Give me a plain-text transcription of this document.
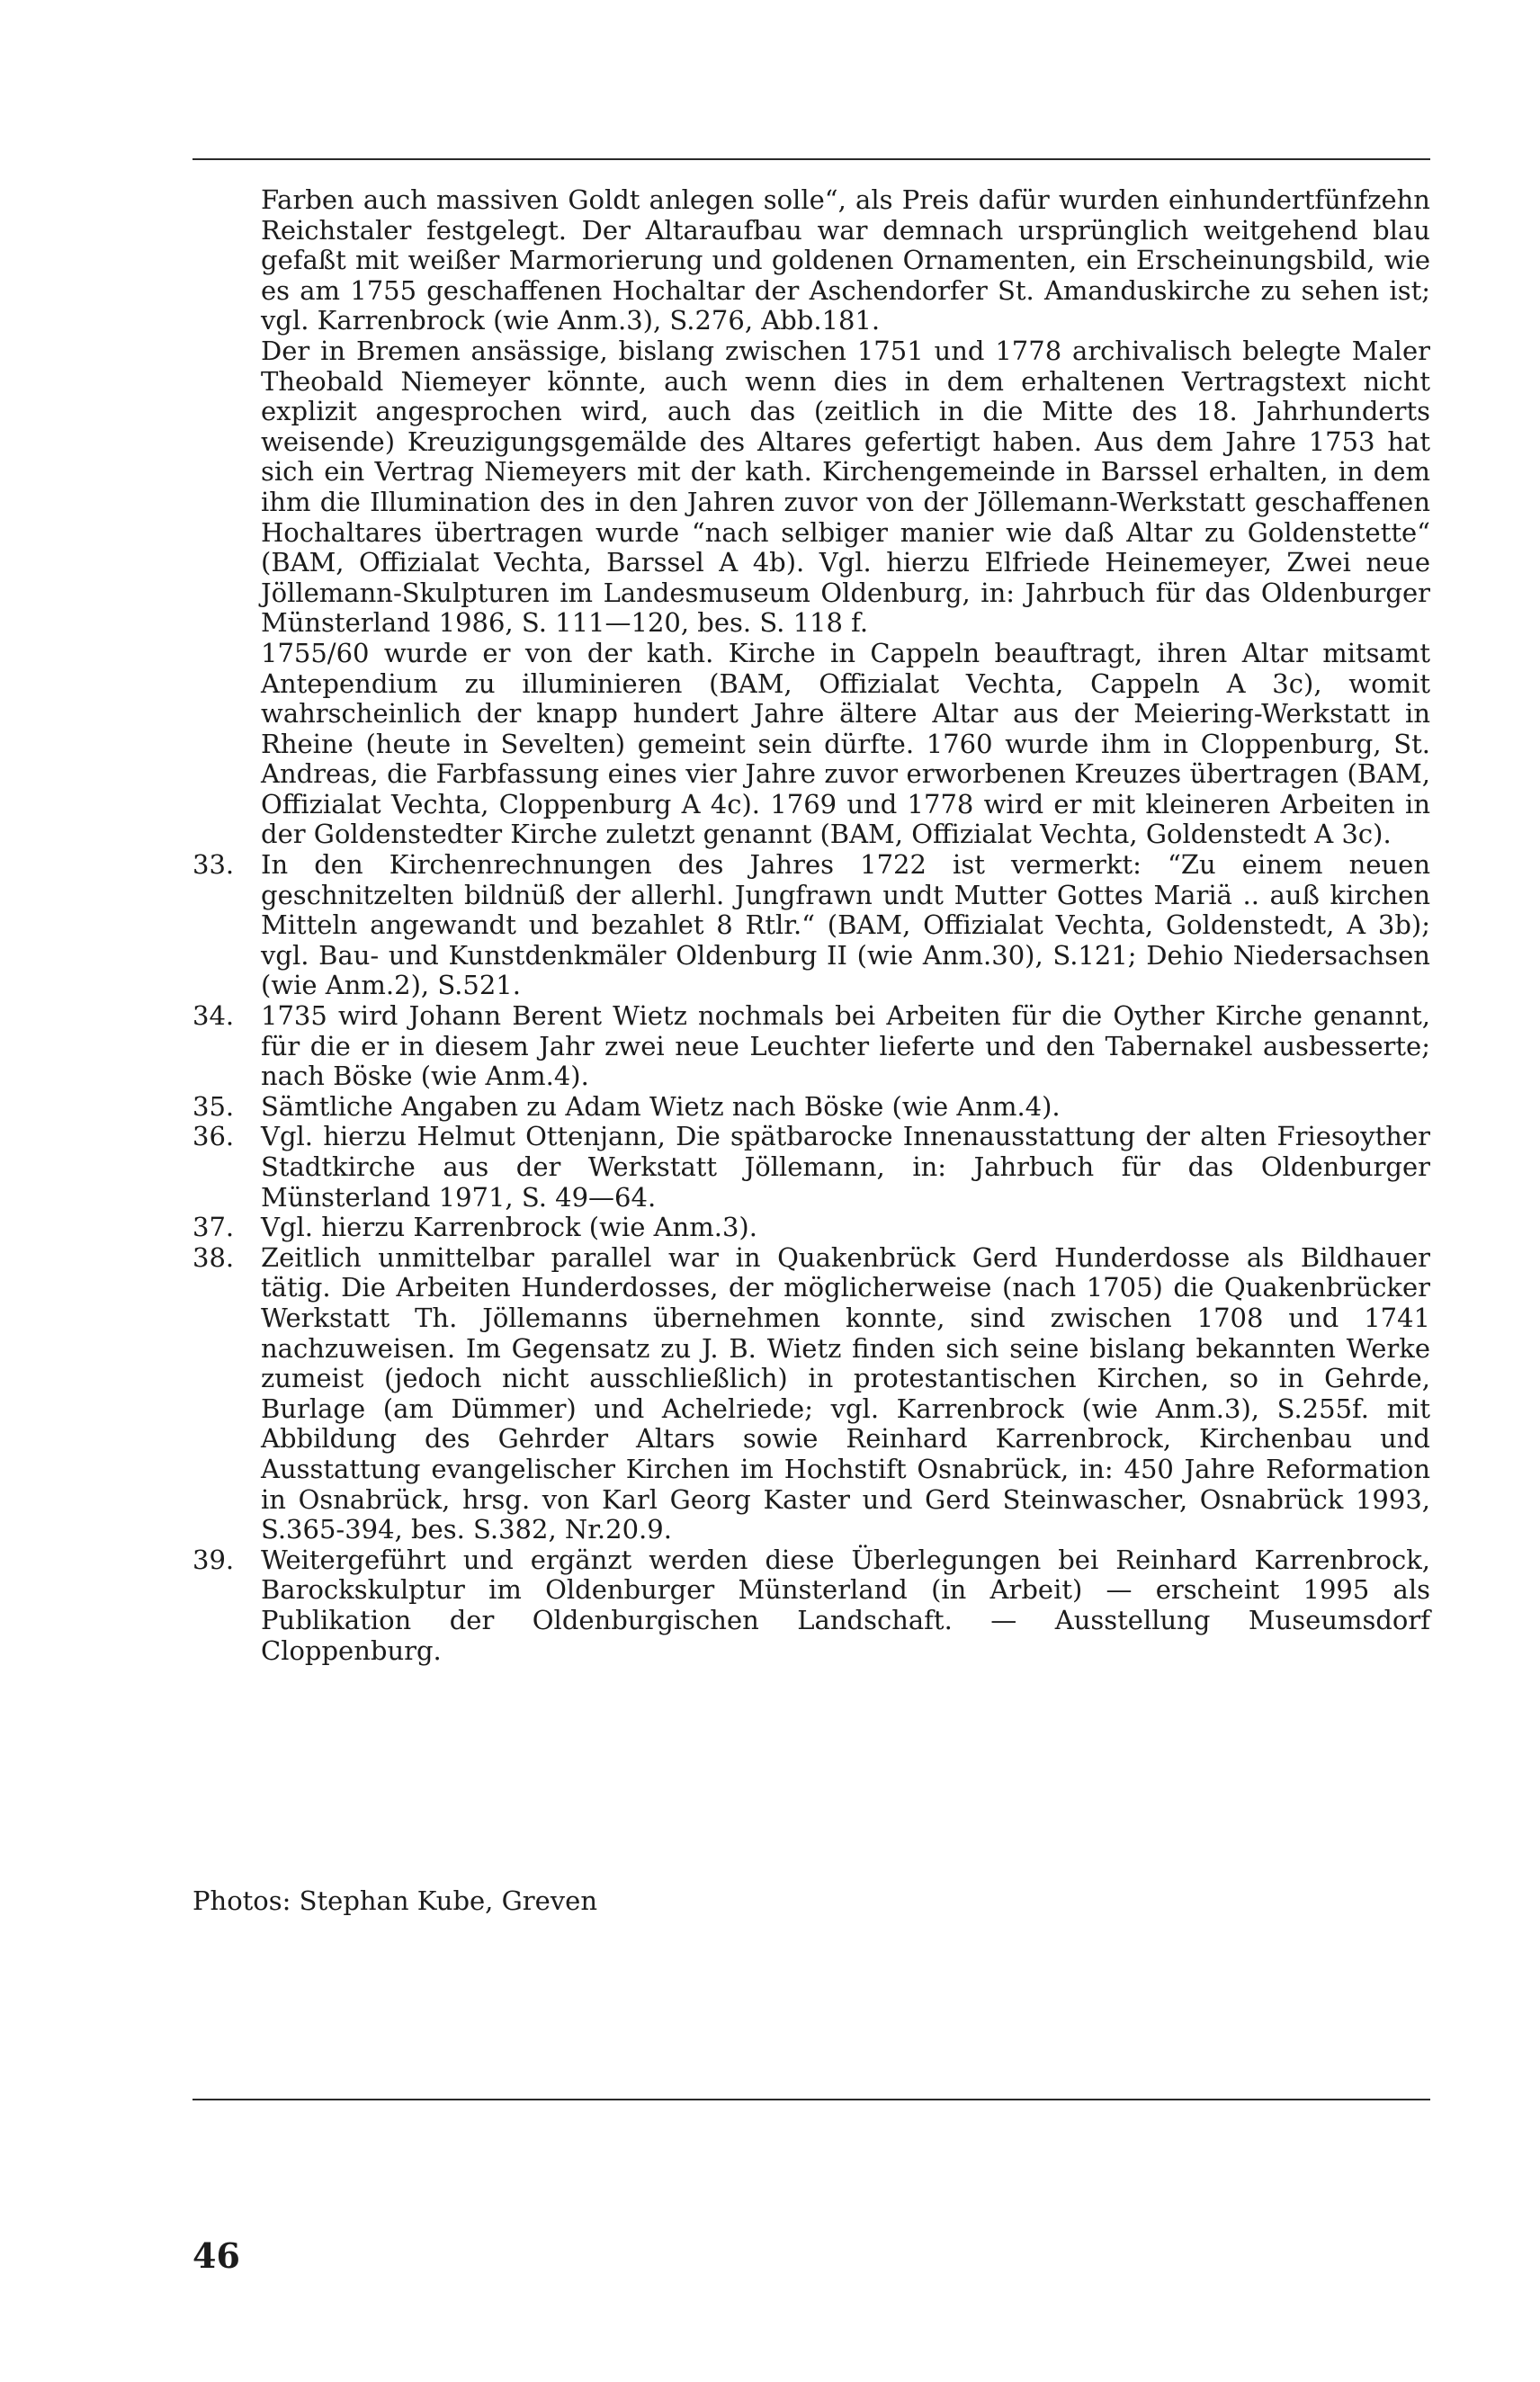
Farben auch massiven Goldt anlegen solle“, als Preis dafür wurden einhundertfünfzehn Reichstaler festgelegt. Der Altaraufbau war demnach ursprünglich weitgehend blau gefaßt mit weißer Marmorierung und goldenen Ornamenten, ein Erscheinungsbild, wie es am 1755 geschaffenen Hochaltar der Aschendorfer St. Amanduskirche zu sehen ist; vgl. Karrenbrock (wie Anm.3), S.276, Abb.181.
Der in Bremen ansässige, bislang zwischen 1751 und 1778 archivalisch belegte Maler Theobald Niemeyer könnte, auch wenn dies in dem erhaltenen Vertragstext nicht explizit angesprochen wird, auch das (zeitlich in die Mitte des 18. Jahrhunderts weisende) Kreuzigungsgemälde des Altares gefertigt haben. Aus dem Jahre 1753 hat sich ein Vertrag Niemeyers mit der kath. Kirchengemeinde in Barssel erhalten, in dem ihm die Illumination des in den Jahren zuvor von der Jöllemann-Werkstatt geschaffenen Hochaltares übertragen wurde “nach selbiger manier wie daß Altar zu Goldenstette“ (BAM, Offizialat Vechta, Barssel A 4b). Vgl. hierzu Elfriede Heinemeyer, Zwei neue Jöllemann-Skulpturen im Landesmuseum Oldenburg, in: Jahrbuch für das Oldenburger Münsterland 1986, S. 111—120, bes. S. 118 f.
1755/60 wurde er von der kath. Kirche in Cappeln beauftragt, ihren Altar mitsamt Antependium zu illuminieren (BAM, Offizialat Vechta, Cappeln A 3c), womit wahrscheinlich der knapp hundert Jahre ältere Altar aus der Meiering-Werkstatt in Rheine (heute in Sevelten) gemeint sein dürfte. 1760 wurde ihm in Cloppenburg, St. Andreas, die Farbfassung eines vier Jahre zuvor erworbenen Kreuzes übertragen (BAM, Offizialat Vechta, Cloppenburg A 4c). 1769 und 1778 wird er mit kleineren Arbeiten in der Goldenstedter Kirche zuletzt genannt (BAM, Offizialat Vechta, Goldenstedt A 3c).
33. In den Kirchenrechnungen des Jahres 1722 ist vermerkt: “Zu einem neuen geschnitzelten bildnüß der allerhl. Jungfrawn undt Mutter Gottes Mariä .. auß kirchen Mitteln angewandt und bezahlet 8 Rtlr.“ (BAM, Offizialat Vechta, Goldenstedt, A 3b); vgl. Bau- und Kunstdenkmäler Oldenburg II (wie Anm.30), S.121; Dehio Niedersachsen (wie Anm.2), S.521.
34. 1735 wird Johann Berent Wietz nochmals bei Arbeiten für die Oyther Kirche genannt, für die er in diesem Jahr zwei neue Leuchter lieferte und den Tabernakel ausbesserte; nach Böske (wie Anm.4).
35. Sämtliche Angaben zu Adam Wietz nach Böske (wie Anm.4).
36. Vgl. hierzu Helmut Ottenjann, Die spätbarocke Innenausstattung der alten Friesoyther Stadtkirche aus der Werkstatt Jöllemann, in: Jahrbuch für das Oldenburger Münsterland 1971, S. 49—64.
37. Vgl. hierzu Karrenbrock (wie Anm.3).
38. Zeitlich unmittelbar parallel war in Quakenbrück Gerd Hunderdosse als Bildhauer tätig. Die Arbeiten Hunderdosses, der möglicherweise (nach 1705) die Quakenbrücker Werkstatt Th. Jöllemanns übernehmen konnte, sind zwischen 1708 und 1741 nachzuweisen. Im Gegensatz zu J. B. Wietz finden sich seine bislang bekannten Werke zumeist (jedoch nicht ausschließlich) in protestantischen Kirchen, so in Gehrde, Burlage (am Dümmer) und Achelriede; vgl. Karrenbrock (wie Anm.3), S.255f. mit Abbildung des Gehrder Altars sowie Reinhard Karrenbrock, Kirchenbau und Ausstattung evangelischer Kirchen im Hochstift Osnabrück, in: 450 Jahre Reformation in Osnabrück, hrsg. von Karl Georg Kaster und Gerd Steinwascher, Osnabrück 1993, S.365-394, bes. S.382, Nr.20.9.
39. Weitergeführt und ergänzt werden diese Überlegungen bei Reinhard Karrenbrock, Barockskulptur im Oldenburger Münsterland (in Arbeit) — erscheint 1995 als Publikation der Oldenburgischen Landschaft. — Ausstellung Museumsdorf Cloppenburg.
Photos: Stephan Kube, Greven
46
